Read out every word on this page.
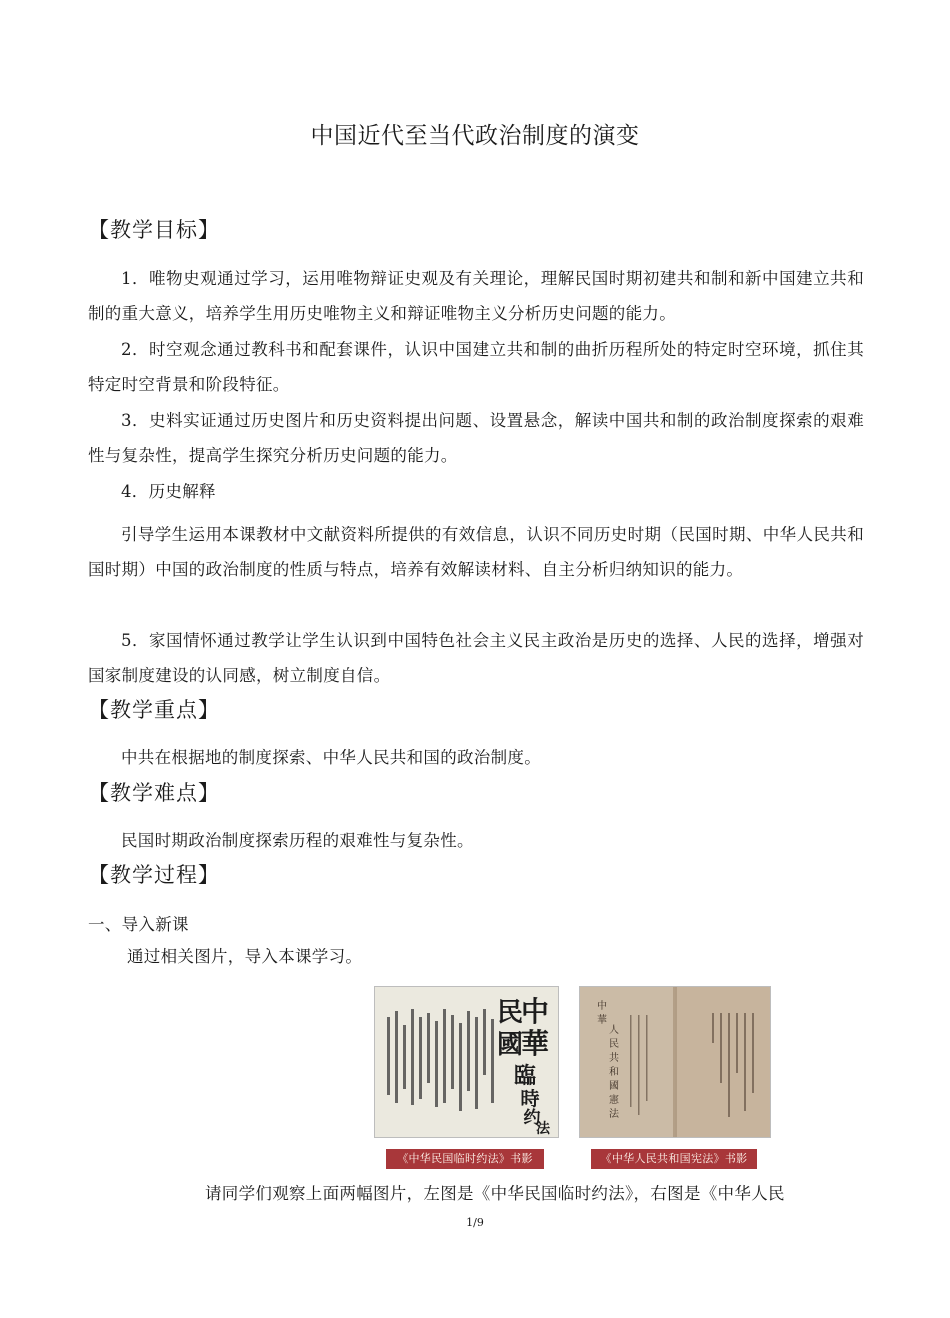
中国近代至当代政治制度的演变
【教学目标】
1．唯物史观通过学习，运用唯物辩证史观及有关理论，理解民国时期初建共和制和新中国建立共和制的重大意义，培养学生用历史唯物主义和辩证唯物主义分析历史问题的能力。
2．时空观念通过教科书和配套课件，认识中国建立共和制的曲折历程所处的特定时空环境，抓住其特定时空背景和阶段特征。
3．史料实证通过历史图片和历史资料提出问题、设置悬念，解读中国共和制的政治制度探索的艰难性与复杂性，提高学生探究分析历史问题的能力。
4．历史解释
引导学生运用本课教材中文献资料所提供的有效信息，认识不同历史时期（民国时期、中华人民共和国时期）中国的政治制度的性质与特点，培养有效解读材料、自主分析归纳知识的能力。
5．家国情怀通过教学让学生认识到中国特色社会主义民主政治是历史的选择、人民的选择，增强对国家制度建设的认同感，树立制度自信。
【教学重点】
中共在根据地的制度探索、中华人民共和国的政治制度。
【教学难点】
民国时期政治制度探索历程的艰难性与复杂性。
【教学过程】
一、导入新课
通过相关图片，导入本课学习。
中
華
民
國
臨
時
约
法
《中华民国临时约法》书影
中
華
人
民
共
和
國
憲
法
《中华人民共和国宪法》书影
请同学们观察上面两幅图片，左图是《中华民国临时约法》，右图是《中华人民
1/9
